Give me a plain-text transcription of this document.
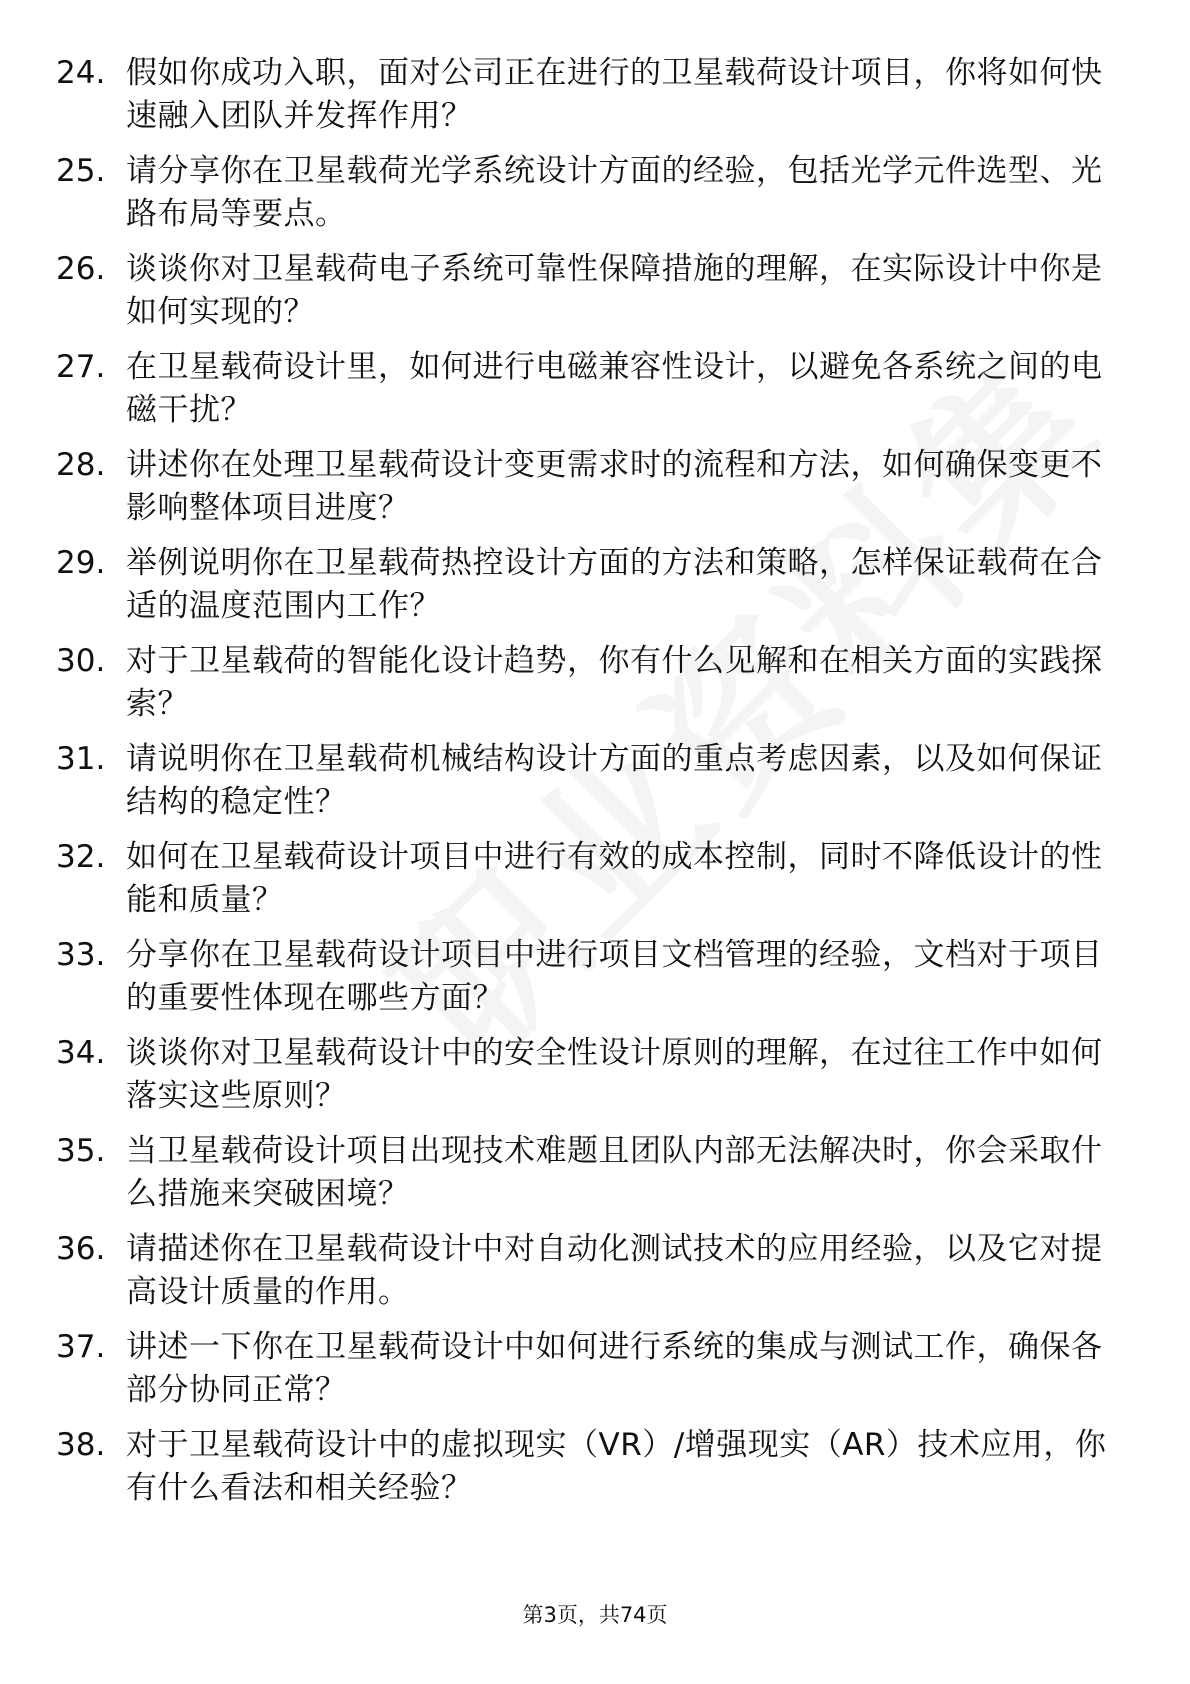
24. 假如你成功入职，面对公司正在进行的卫星载荷设计项目，你将如何快速融入团队并发挥作用？
25. 请分享你在卫星载荷光学系统设计方面的经验，包括光学元件选型、光路布局等要点。
26. 谈谈你对卫星载荷电子系统可靠性保障措施的理解，在实际设计中你是如何实现的？
27. 在卫星载荷设计里，如何进行电磁兼容性设计，以避免各系统之间的电磁干扰？
28. 讲述你在处理卫星载荷设计变更需求时的流程和方法，如何确保变更不影响整体项目进度？
29. 举例说明你在卫星载荷热控设计方面的方法和策略，怎样保证载荷在合适的温度范围内工作？
30. 对于卫星载荷的智能化设计趋势，你有什么见解和在相关方面的实践探索？
31. 请说明你在卫星载荷机械结构设计方面的重点考虑因素，以及如何保证结构的稳定性？
32. 如何在卫星载荷设计项目中进行有效的成本控制，同时不降低设计的性能和质量？
33. 分享你在卫星载荷设计项目中进行项目文档管理的经验，文档对于项目的重要性体现在哪些方面？
34. 谈谈你对卫星载荷设计中的安全性设计原则的理解，在过往工作中如何落实这些原则？
35. 当卫星载荷设计项目出现技术难题且团队内部无法解决时，你会采取什么措施来突破困境？
36. 请描述你在卫星载荷设计中对自动化测试技术的应用经验，以及它对提高设计质量的作用。
37. 讲述一下你在卫星载荷设计中如何进行系统的集成与测试工作，确保各部分协同正常？
38. 对于卫星载荷设计中的虚拟现实（VR）/增强现实（AR）技术应用，你有什么看法和相关经验？
第3页，共74页
